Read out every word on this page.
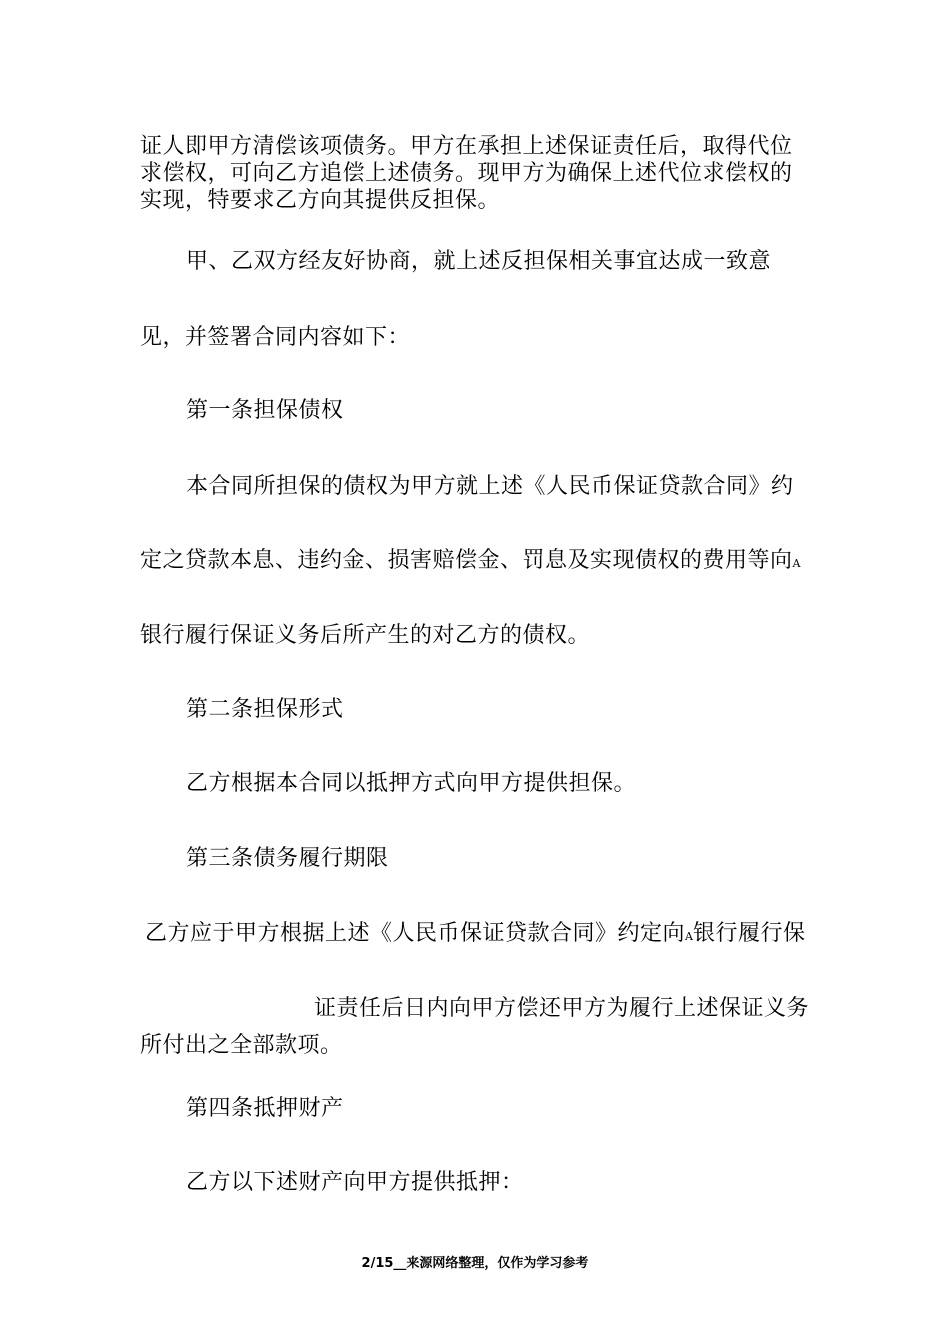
证人即甲方清偿该项债务。甲方在承担上述保证责任后，取得代位
求偿权，可向乙方追偿上述债务。现甲方为确保上述代位求偿权的
实现，特要求乙方向其提供反担保。
甲、乙双方经友好协商，就上述反担保相关事宜达成一致意
见，并签署合同内容如下：
第一条担保债权
本合同所担保的债权为甲方就上述《人民币保证贷款合同》约
定之贷款本息、违约金、损害赔偿金、罚息及实现债权的费用等向A
银行履行保证义务后所产生的对乙方的债权。
第二条担保形式
乙方根据本合同以抵押方式向甲方提供担保。
第三条债务履行期限
乙方应于甲方根据上述《人民币保证贷款合同》约定向A银行履行保
证责任后日内向甲方偿还甲方为履行上述保证义务
所付出之全部款项。
第四条抵押财产
乙方以下述财产向甲方提供抵押：
2/15__来源网络整理，仅作为学习参考
